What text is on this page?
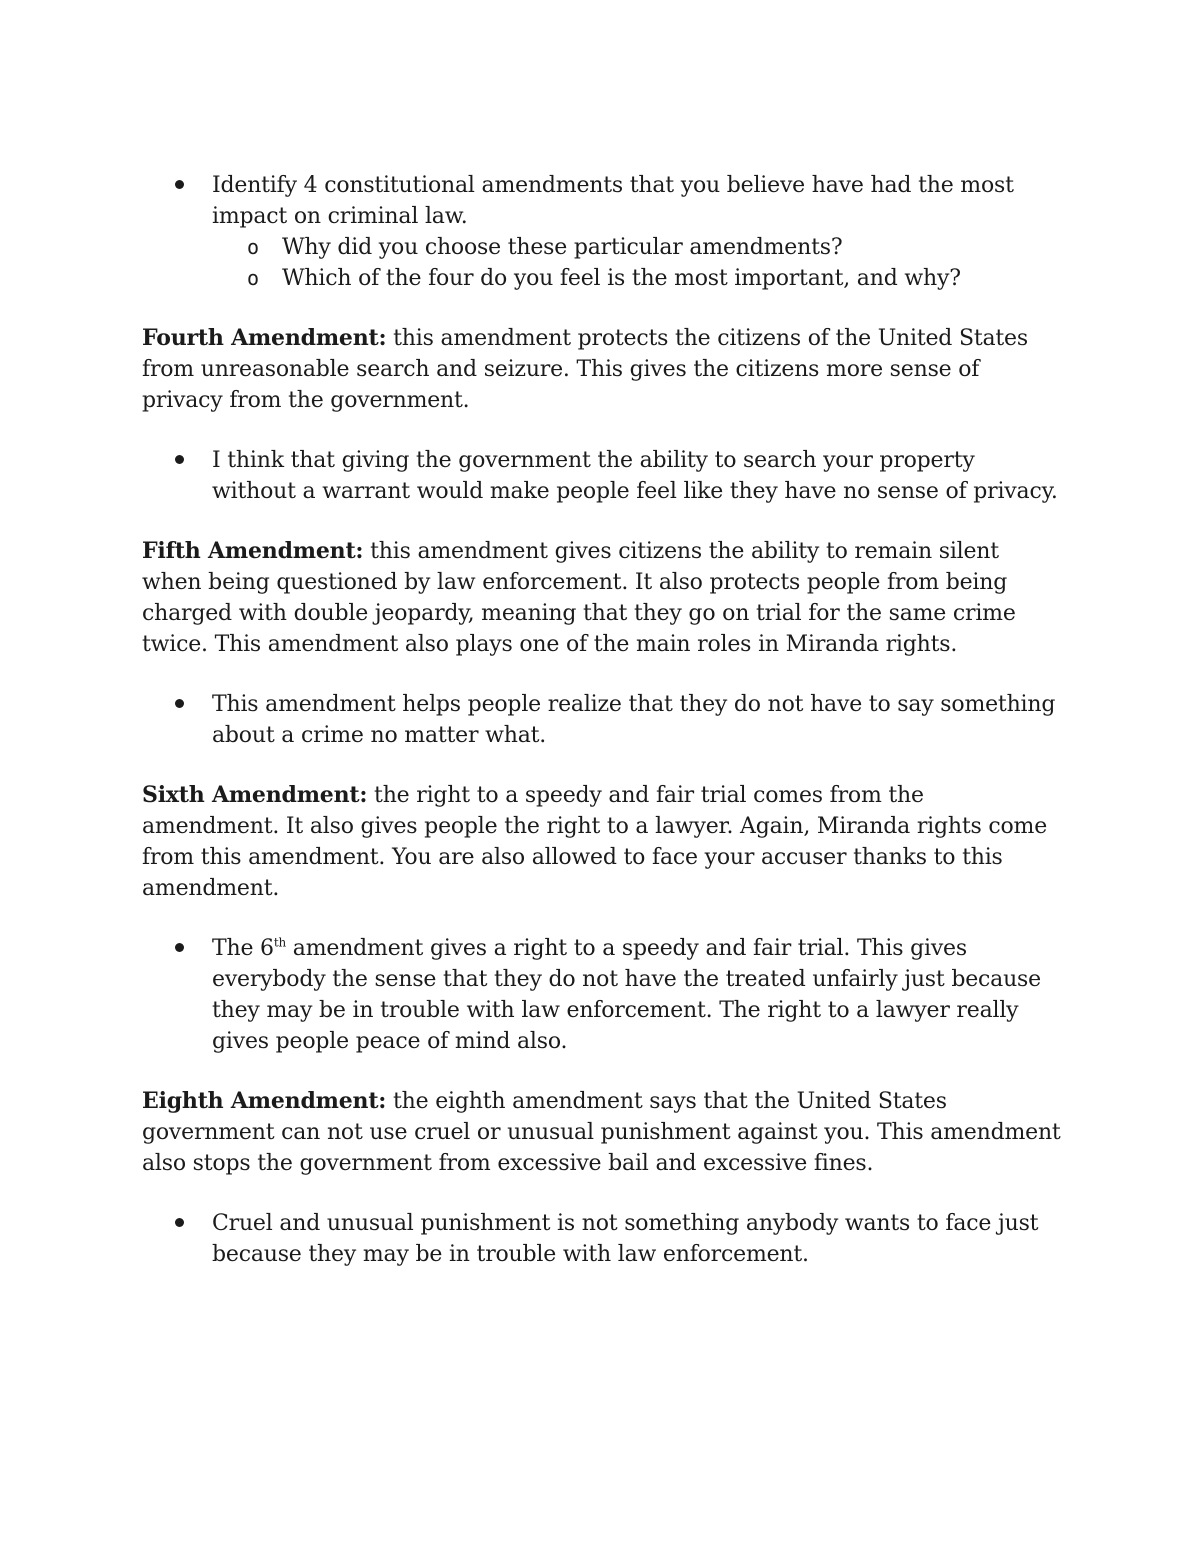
Identify 4 constitutional amendments that you believe have had the most impact on criminal law.
o Why did you choose these particular amendments?
o Which of the four do you feel is the most important, and why?

Fourth Amendment: this amendment protects the citizens of the United States from unreasonable search and seizure. This gives the citizens more sense of privacy from the government.

I think that giving the government the ability to search your property without a warrant would make people feel like they have no sense of privacy.

Fifth Amendment: this amendment gives citizens the ability to remain silent when being questioned by law enforcement. It also protects people from being charged with double jeopardy, meaning that they go on trial for the same crime twice. This amendment also plays one of the main roles in Miranda rights.

This amendment helps people realize that they do not have to say something about a crime no matter what.

Sixth Amendment: the right to a speedy and fair trial comes from the amendment. It also gives people the right to a lawyer. Again, Miranda rights come from this amendment. You are also allowed to face your accuser thanks to this amendment.

The 6th amendment gives a right to a speedy and fair trial. This gives everybody the sense that they do not have the treated unfairly just because they may be in trouble with law enforcement. The right to a lawyer really gives people peace of mind also.

Eighth Amendment: the eighth amendment says that the United States government can not use cruel or unusual punishment against you. This amendment also stops the government from excessive bail and excessive fines.

Cruel and unusual punishment is not something anybody wants to face just because they may be in trouble with law enforcement.
